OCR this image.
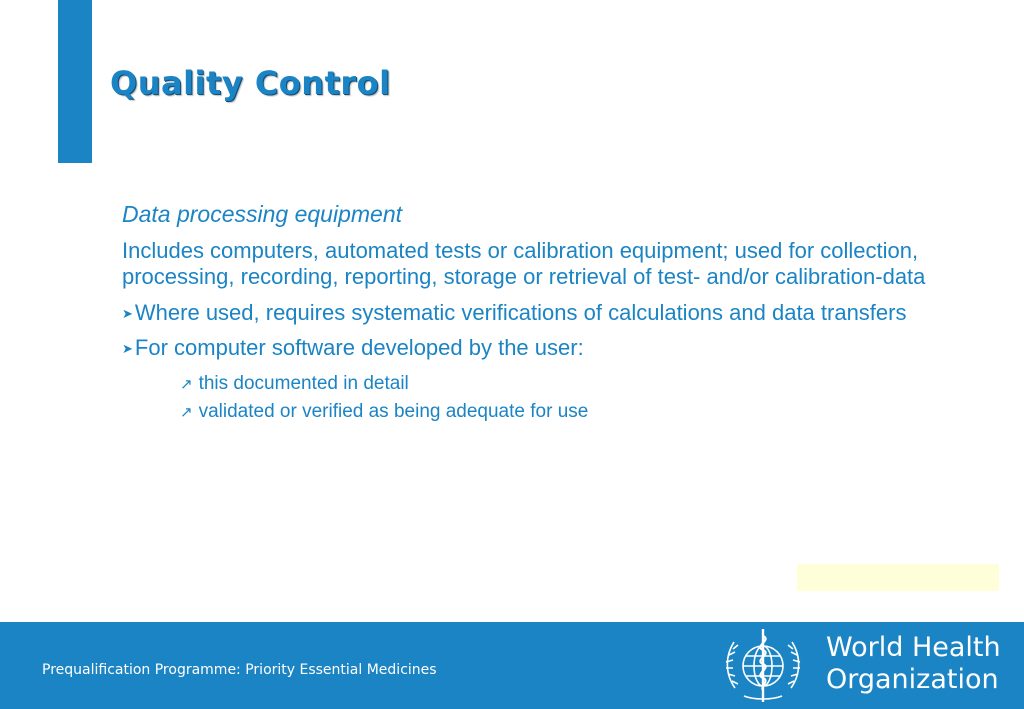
Quality Control

Data processing equipment

Includes computers, automated tests or calibration equipment; used for collection, processing, recording, reporting, storage or retrieval of test- and/or calibration-data

➤Where used, requires systematic verifications of calculations and data transfers

➤For computer software developed by the user:

↗ this documented in detail
↗ validated or verified as being adequate for use
Part One. 5.1.
Prequalification Programme: Priority Essential Medicines
World Health
Organization
